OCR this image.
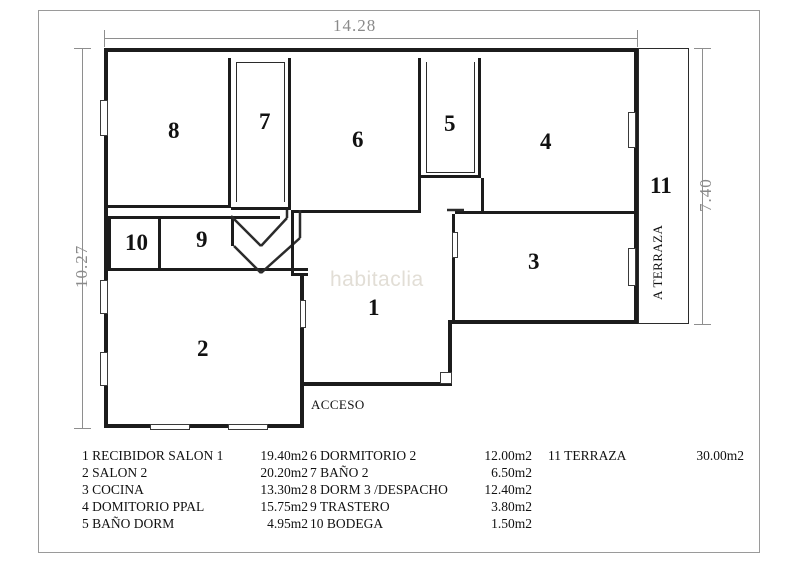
14.28
10.27
7.40
8	7
6
5
4
10 9
3
1
2
11
ACCESO
A TERRAZA
habitaclia
1 RECIBIDOR SALON 1	19.40m2
2 SALON 2	20.20m2
3 COCINA	13.30m2
4 DOMITORIO PPAL	15.75m2
5 BAÑO DORM	4.95m2
6 DORMITORIO 2	12.00m2
7 BAÑO 2	6.50m2
8 DORM 3 /DESPACHO	12.40m2
9 TRASTERO	3.80m2
10 BODEGA	1.50m2
11 TERRAZA	30.00m2
